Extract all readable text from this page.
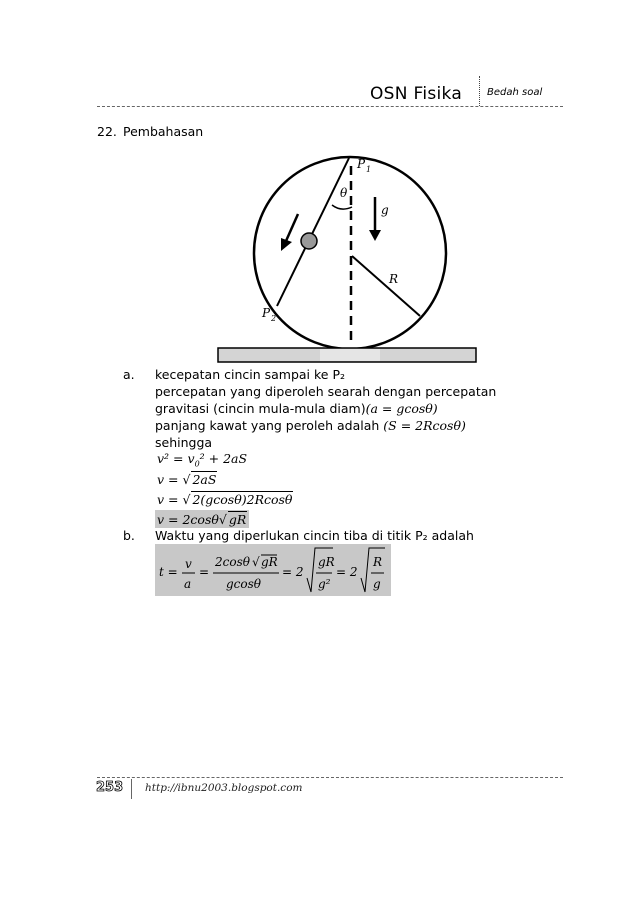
OSN Fisika Bedah soal
22. Pembahasan
P 1
θ
g
R
P 2
a. kecepatan cincin sampai ke P₂
percepatan yang diperoleh searah dengan percepatan
gravitasi (cincin mula-mula diam)(a = gcosθ)
panjang kawat yang peroleh adalah (S = 2Rcosθ)
sehingga
$v^2 = v_0^2 + 2aS$
v = √ 2aS
v = √ 2(gcosθ)2Rcosθ
v = 2cosθ√ gR
b. Waktu yang diperlukan cincin tiba di titik P₂ adalah
t =
v
a
=
2cosθ √ gR
gcosθ
= 2
gR
g²
= 2
R
g
253 http://ibnu2003.blogspot.com
